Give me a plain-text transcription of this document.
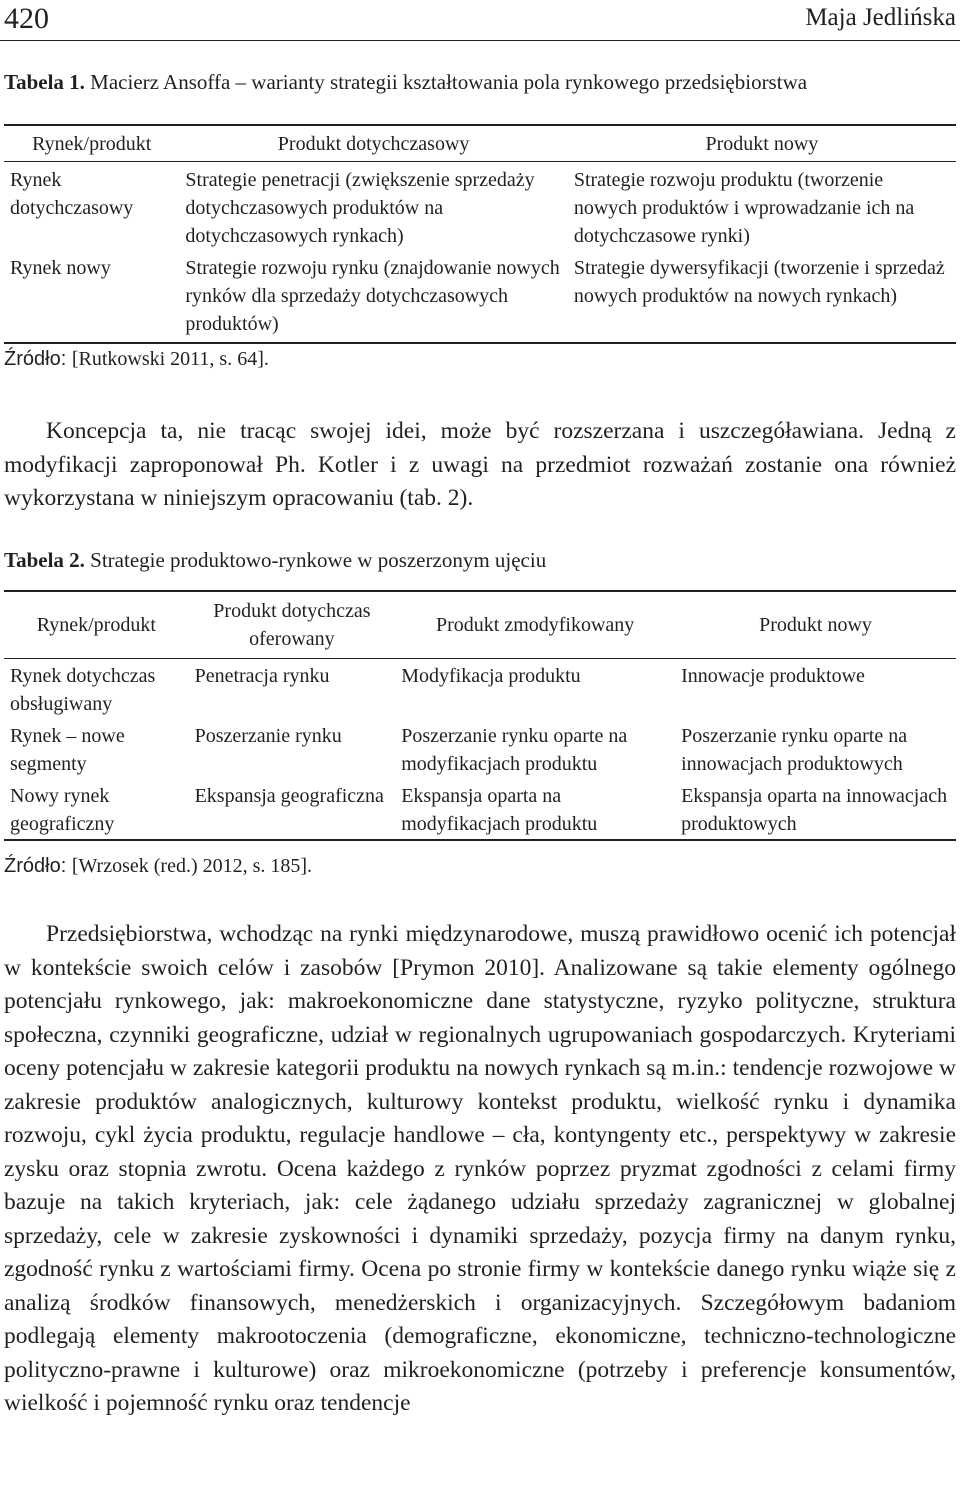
420	Maja Jedlińska
Tabela 1. Macierz Ansoffa – warianty strategii kształtowania pola rynkowego przedsiębiorstwa
Rynek/produkt	Produkt dotychczasowy	Produkt nowy
Rynek dotychczasowy	Strategie penetracji (zwiększenie sprzedaży dotychczasowych produktów na dotychczasowych rynkach)	Strategie rozwoju produktu (tworzenie nowych produktów i wprowadzanie ich na dotychczasowe rynki)
Rynek nowy	Strategie rozwoju rynku (znajdowanie nowych rynków dla sprzedaży dotychczasowych produktów)	Strategie dywersyfikacji (tworzenie i sprzedaż nowych produktów na nowych rynkach)
Źródło: [Rutkowski 2011, s. 64].

Koncepcja ta, nie tracąc swojej idei, może być rozszerzana i uszczegóławiana. Jedną z modyfikacji zaproponował Ph. Kotler i z uwagi na przedmiot rozważań zostanie ona również wykorzystana w niniejszym opracowaniu (tab. 2).

Tabela 2. Strategie produktowo-rynkowe w poszerzonym ujęciu
Rynek/produkt	Produkt dotychczas oferowany	Produkt zmodyfikowany	Produkt nowy
Rynek dotychczas obsługiwany	Penetracja rynku	Modyfikacja produktu	Innowacje produktowe
Rynek – nowe segmenty	Poszerzanie rynku	Poszerzanie rynku oparte na modyfikacjach produktu	Poszerzanie rynku oparte na innowacjach produktowych
Nowy rynek geograficzny	Ekspansja geograficzna	Ekspansja oparta na modyfikacjach produktu	Ekspansja oparta na innowacjach produktowych
Źródło: [Wrzosek (red.) 2012, s. 185].

Przedsiębiorstwa, wchodząc na rynki międzynarodowe, muszą prawidłowo ocenić ich potencjał w kontekście swoich celów i zasobów [Prymon 2010]. Analizowane są takie elementy ogólnego potencjału rynkowego, jak: makroekonomiczne dane statystyczne, ryzyko polityczne, struktura społeczna, czynniki geograficzne, udział w regionalnych ugrupowaniach gospodarczych. Kryteriami oceny potencjału w zakresie kategorii produktu na nowych rynkach są m.in.: tendencje rozwojowe w zakresie produktów analogicznych, kulturowy kontekst produktu, wielkość rynku i dynamika rozwoju, cykl życia produktu, regulacje handlowe – cła, kontyngenty etc., perspektywy w zakresie zysku oraz stopnia zwrotu. Ocena każdego z rynków poprzez pryzmat zgodności z celami firmy bazuje na takich kryteriach, jak: cele żądanego udziału sprzedaży zagranicznej w globalnej sprzedaży, cele w zakresie zyskowności i dynamiki sprzedaży, pozycja firmy na danym rynku, zgodność rynku z wartościami firmy. Ocena po stronie firmy w kontekście danego rynku wiąże się z analizą środków finansowych, menedżerskich i organizacyjnych. Szczegółowym badaniom podlegają elementy makrootoczenia (demograficzne, ekonomiczne, techniczno-technologiczne polityczno-prawne i kulturowe) oraz mikroekonomiczne (potrzeby i preferencje konsumentów, wielkość i pojemność rynku oraz tendencje
